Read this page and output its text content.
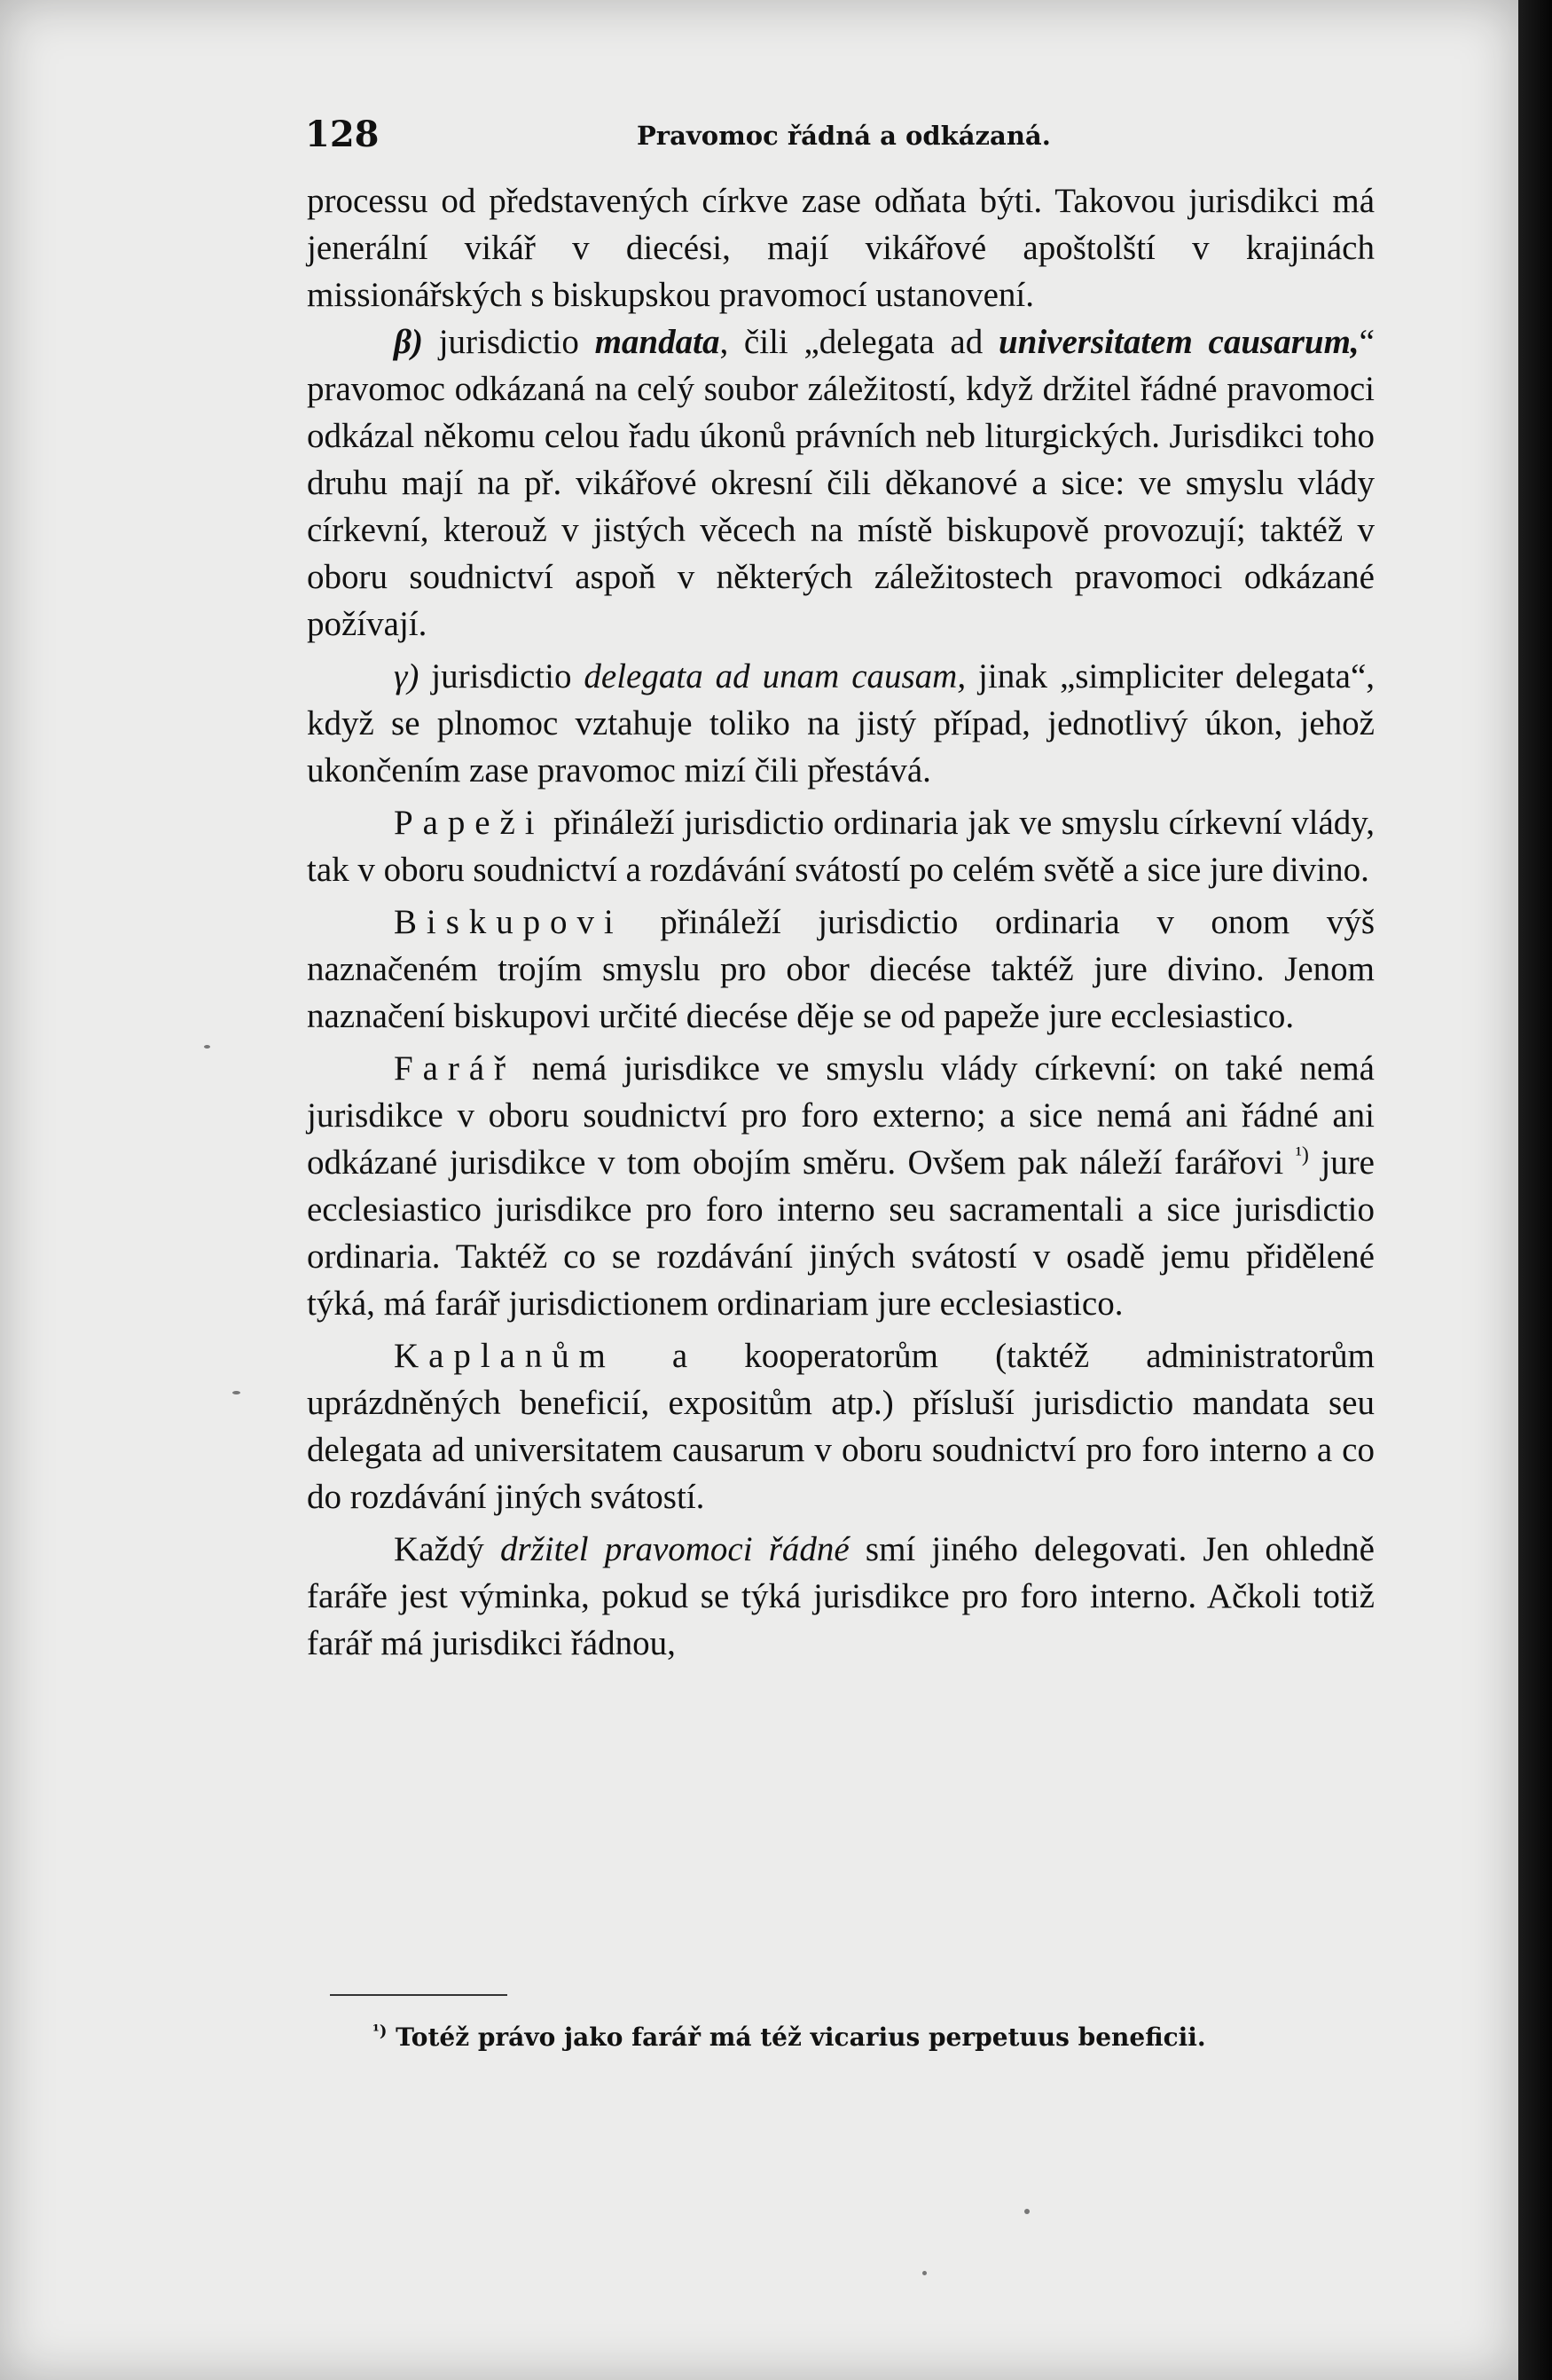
128	Pravomoc řádná a odkázaná.

processu od představených církve zase odňata býti. Takovou jurisdikci má jenerální vikář v diecési, mají vikářové apoštolští v krajinách missionářských s biskupskou pravomocí ustanovení.

β) jurisdictio mandata, čili „delegata ad universitatem causarum,“ pravomoc odkázaná na celý soubor záležitostí, když držitel řádné pravomoci odkázal někomu celou řadu úkonů právních neb liturgických. Jurisdikci toho druhu mají na př. vikářové okresní čili děkanové a sice: ve smyslu vlády církevní, kterouž v jistých věcech na místě biskupově provozují; taktéž v oboru soudnictví aspoň v některých záležitostech pravomoci odkázané požívají.

γ) jurisdictio delegata ad unam causam, jinak „simpliciter delegata“, když se plnomoc vztahuje toliko na jistý případ, jednotlivý úkon, jehož ukončením zase pravomoc mizí čili přestává.

Papeži přináleží jurisdictio ordinaria jak ve smyslu církevní vlády, tak v oboru soudnictví a rozdávání svátostí po celém světě a sice jure divino.

Biskupovi přináleží jurisdictio ordinaria v onom výš naznačeném trojím smyslu pro obor diecése taktéž jure divino. Jenom naznačení biskupovi určité diecése děje se od papeže jure ecclesiastico.

Farář nemá jurisdikce ve smyslu vlády církevní: on také nemá jurisdikce v oboru soudnictví pro foro externo; a sice nemá ani řádné ani odkázané jurisdikce v tom obojím směru. Ovšem pak náleží farářovi $^{^1)}$ jure ecclesiastico jurisdikce pro foro interno seu sacramentali a sice jurisdictio ordinaria. Taktéž co se rozdávání jiných svátostí v osadě jemu přidělené týká, má farář jurisdictionem ordinariam jure ecclesiastico.

Kaplanům a kooperatorům (taktéž administratorům uprázdněných beneficií, expositům atp.) přísluší jurisdictio mandata seu delegata ad universitatem causarum v oboru soudnictví pro foro interno a co do rozdávání jiných svátostí.

Každý držitel pravomoci řádné smí jiného delegovati. Jen ohledně faráře jest výminka, pokud se týká jurisdikce pro foro interno. Ačkoli totiž farář má jurisdikci řádnou,

$^{^1)}$ Totéž právo jako farář má též vicarius perpetuus beneficii.
